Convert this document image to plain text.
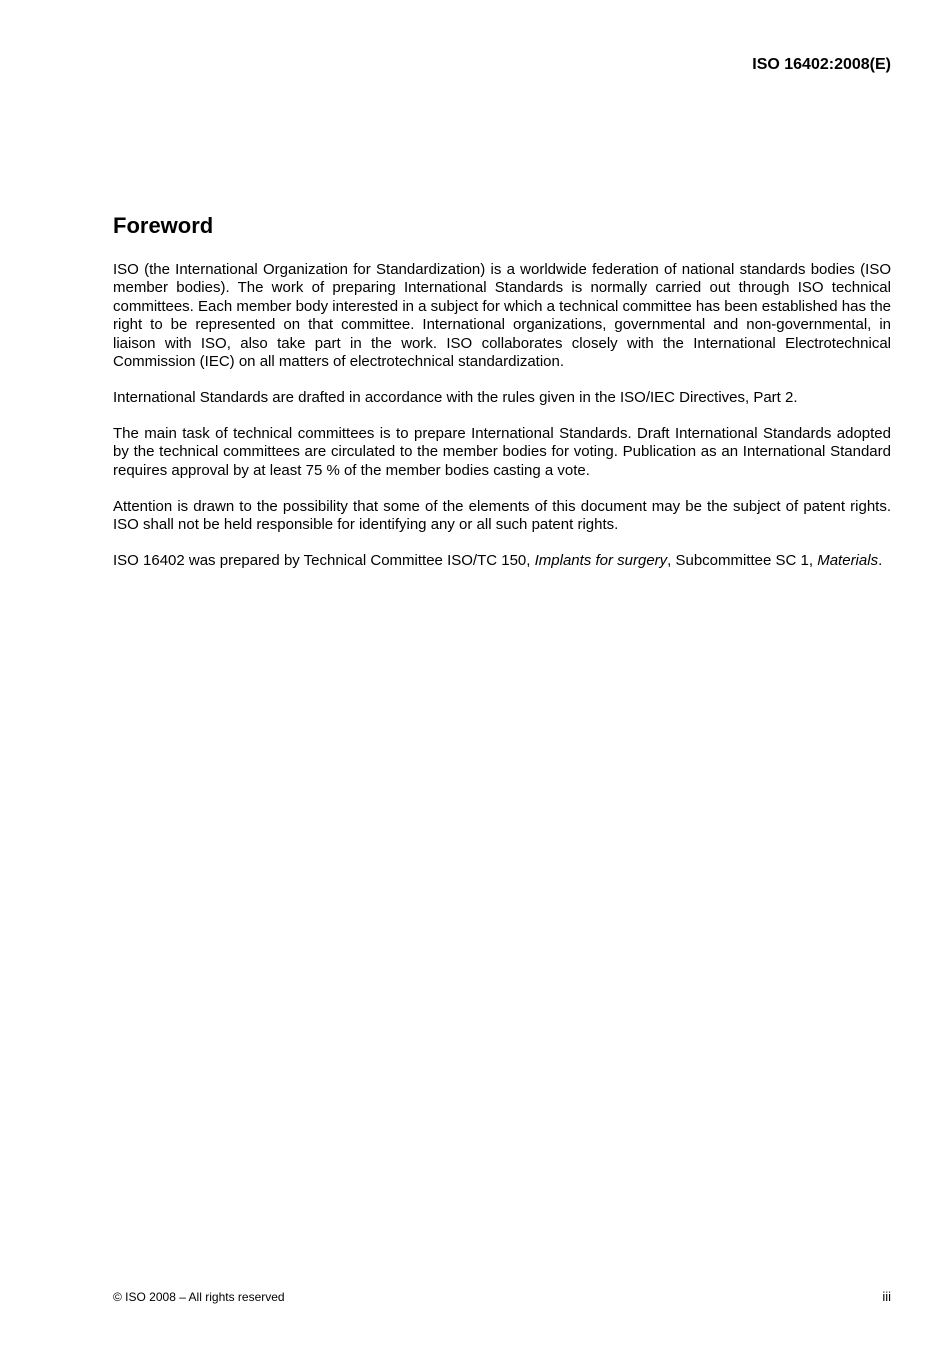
ISO 16402:2008(E)

Foreword

ISO (the International Organization for Standardization) is a worldwide federation of national standards bodies (ISO member bodies). The work of preparing International Standards is normally carried out through ISO technical committees. Each member body interested in a subject for which a technical committee has been established has the right to be represented on that committee. International organizations, governmental and non-governmental, in liaison with ISO, also take part in the work. ISO collaborates closely with the International Electrotechnical Commission (IEC) on all matters of electrotechnical standardization.

International Standards are drafted in accordance with the rules given in the ISO/IEC Directives, Part 2.

The main task of technical committees is to prepare International Standards. Draft International Standards adopted by the technical committees are circulated to the member bodies for voting. Publication as an International Standard requires approval by at least 75 % of the member bodies casting a vote.

Attention is drawn to the possibility that some of the elements of this document may be the subject of patent rights. ISO shall not be held responsible for identifying any or all such patent rights.

ISO 16402 was prepared by Technical Committee ISO/TC 150, Implants for surgery, Subcommittee SC 1, Materials.

© ISO 2008 – All rights reserved	iii
